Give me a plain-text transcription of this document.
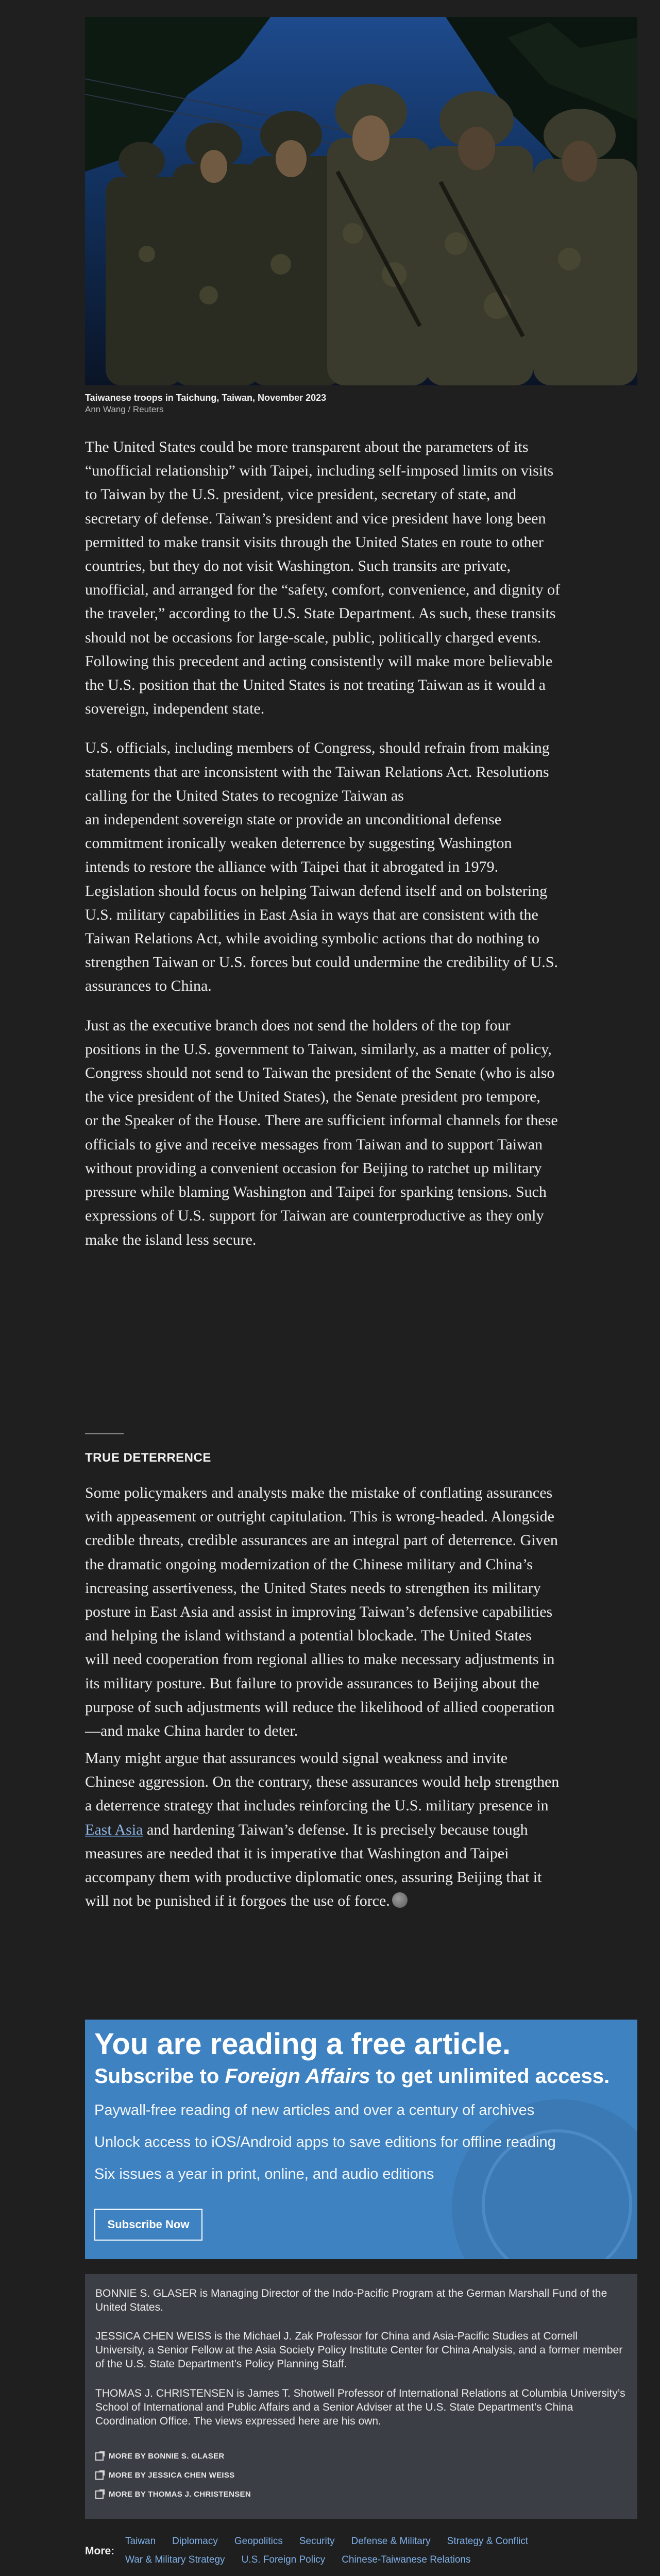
Taiwanese troops in Taichung, Taiwan, November 2023
Ann Wang / Reuters

The United States could be more transparent about the parameters of its
“unofficial relationship” with Taipei, including self-imposed limits on visits
to Taiwan by the U.S. president, vice president, secretary of state, and
secretary of defense. Taiwan’s president and vice president have long been
permitted to make transit visits through the United States en route to other
countries, but they do not visit Washington. Such transits are private,
unofficial, and arranged for the “safety, comfort, convenience, and dignity of
the traveler,” according to the U.S. State Department. As such, these transits
should not be occasions for large-scale, public, politically charged events.
Following this precedent and acting consistently will make more believable
the U.S. position that the United States is not treating Taiwan as it would a
sovereign, independent state.

U.S. officials, including members of Congress, should refrain from making
statements that are inconsistent with the Taiwan Relations Act. Resolutions
calling for the United States to recognize Taiwan as
an independent sovereign state or provide an unconditional defense
commitment ironically weaken deterrence by suggesting Washington
intends to restore the alliance with Taipei that it abrogated in 1979.
Legislation should focus on helping Taiwan defend itself and on bolstering
U.S. military capabilities in East Asia in ways that are consistent with the
Taiwan Relations Act, while avoiding symbolic actions that do nothing to
strengthen Taiwan or U.S. forces but could undermine the credibility of U.S.
assurances to China.

Just as the executive branch does not send the holders of the top four
positions in the U.S. government to Taiwan, similarly, as a matter of policy,
Congress should not send to Taiwan the president of the Senate (who is also
the vice president of the United States), the Senate president pro tempore,
or the Speaker of the House. There are sufficient informal channels for these
officials to give and receive messages from Taiwan and to support Taiwan
without providing a convenient occasion for Beijing to ratchet up military
pressure while blaming Washington and Taipei for sparking tensions. Such
expressions of U.S. support for Taiwan are counterproductive as they only
make the island less secure.

TRUE DETERRENCE

Some policymakers and analysts make the mistake of conflating assurances
with appeasement or outright capitulation. This is wrong-headed. Alongside
credible threats, credible assurances are an integral part of deterrence. Given
the dramatic ongoing modernization of the Chinese military and China’s
increasing assertiveness, the United States needs to strengthen its military
posture in East Asia and assist in improving Taiwan’s defensive capabilities
and helping the island withstand a potential blockade. The United States
will need cooperation from regional allies to make necessary adjustments in
its military posture. But failure to provide assurances to Beijing about the
purpose of such adjustments will reduce the likelihood of allied cooperation
—and make China harder to deter.

Many might argue that assurances would signal weakness and invite
Chinese aggression. On the contrary, these assurances would help strengthen
a deterrence strategy that includes reinforcing the U.S. military presence in
East Asia and hardening Taiwan’s defense. It is precisely because tough
measures are needed that it is imperative that Washington and Taipei
accompany them with productive diplomatic ones, assuring Beijing that it
will not be punished if it forgoes the use of force.

You are reading a free article.
Subscribe to Foreign Affairs to get unlimited access.
Paywall-free reading of new articles and over a century of archives
Unlock access to iOS/Android apps to save editions for offline reading
Six issues a year in print, online, and audio editions
Subscribe Now
BONNIE S. GLASER is Managing Director of the Indo-Pacific Program at the German Marshall Fund of the United States.
JESSICA CHEN WEISS is the Michael J. Zak Professor for China and Asia-Pacific Studies at Cornell University, a Senior Fellow at the Asia Society Policy Institute Center for China Analysis, and a former member of the U.S. State Department’s Policy Planning Staff.
THOMAS J. CHRISTENSEN is James T. Shotwell Professor of International Relations at Columbia University’s School of International and Public Affairs and a Senior Adviser at the U.S. State Department’s China Coordination Office. The views expressed here are his own.
MORE BY BONNIE S. GLASER
MORE BY JESSICA CHEN WEISS
MORE BY THOMAS J. CHRISTENSEN
More:
Taiwan Diplomacy Geopolitics Security Defense & Military Strategy & Conflict
War & Military Strategy U.S. Foreign Policy Chinese-Taiwanese Relations
